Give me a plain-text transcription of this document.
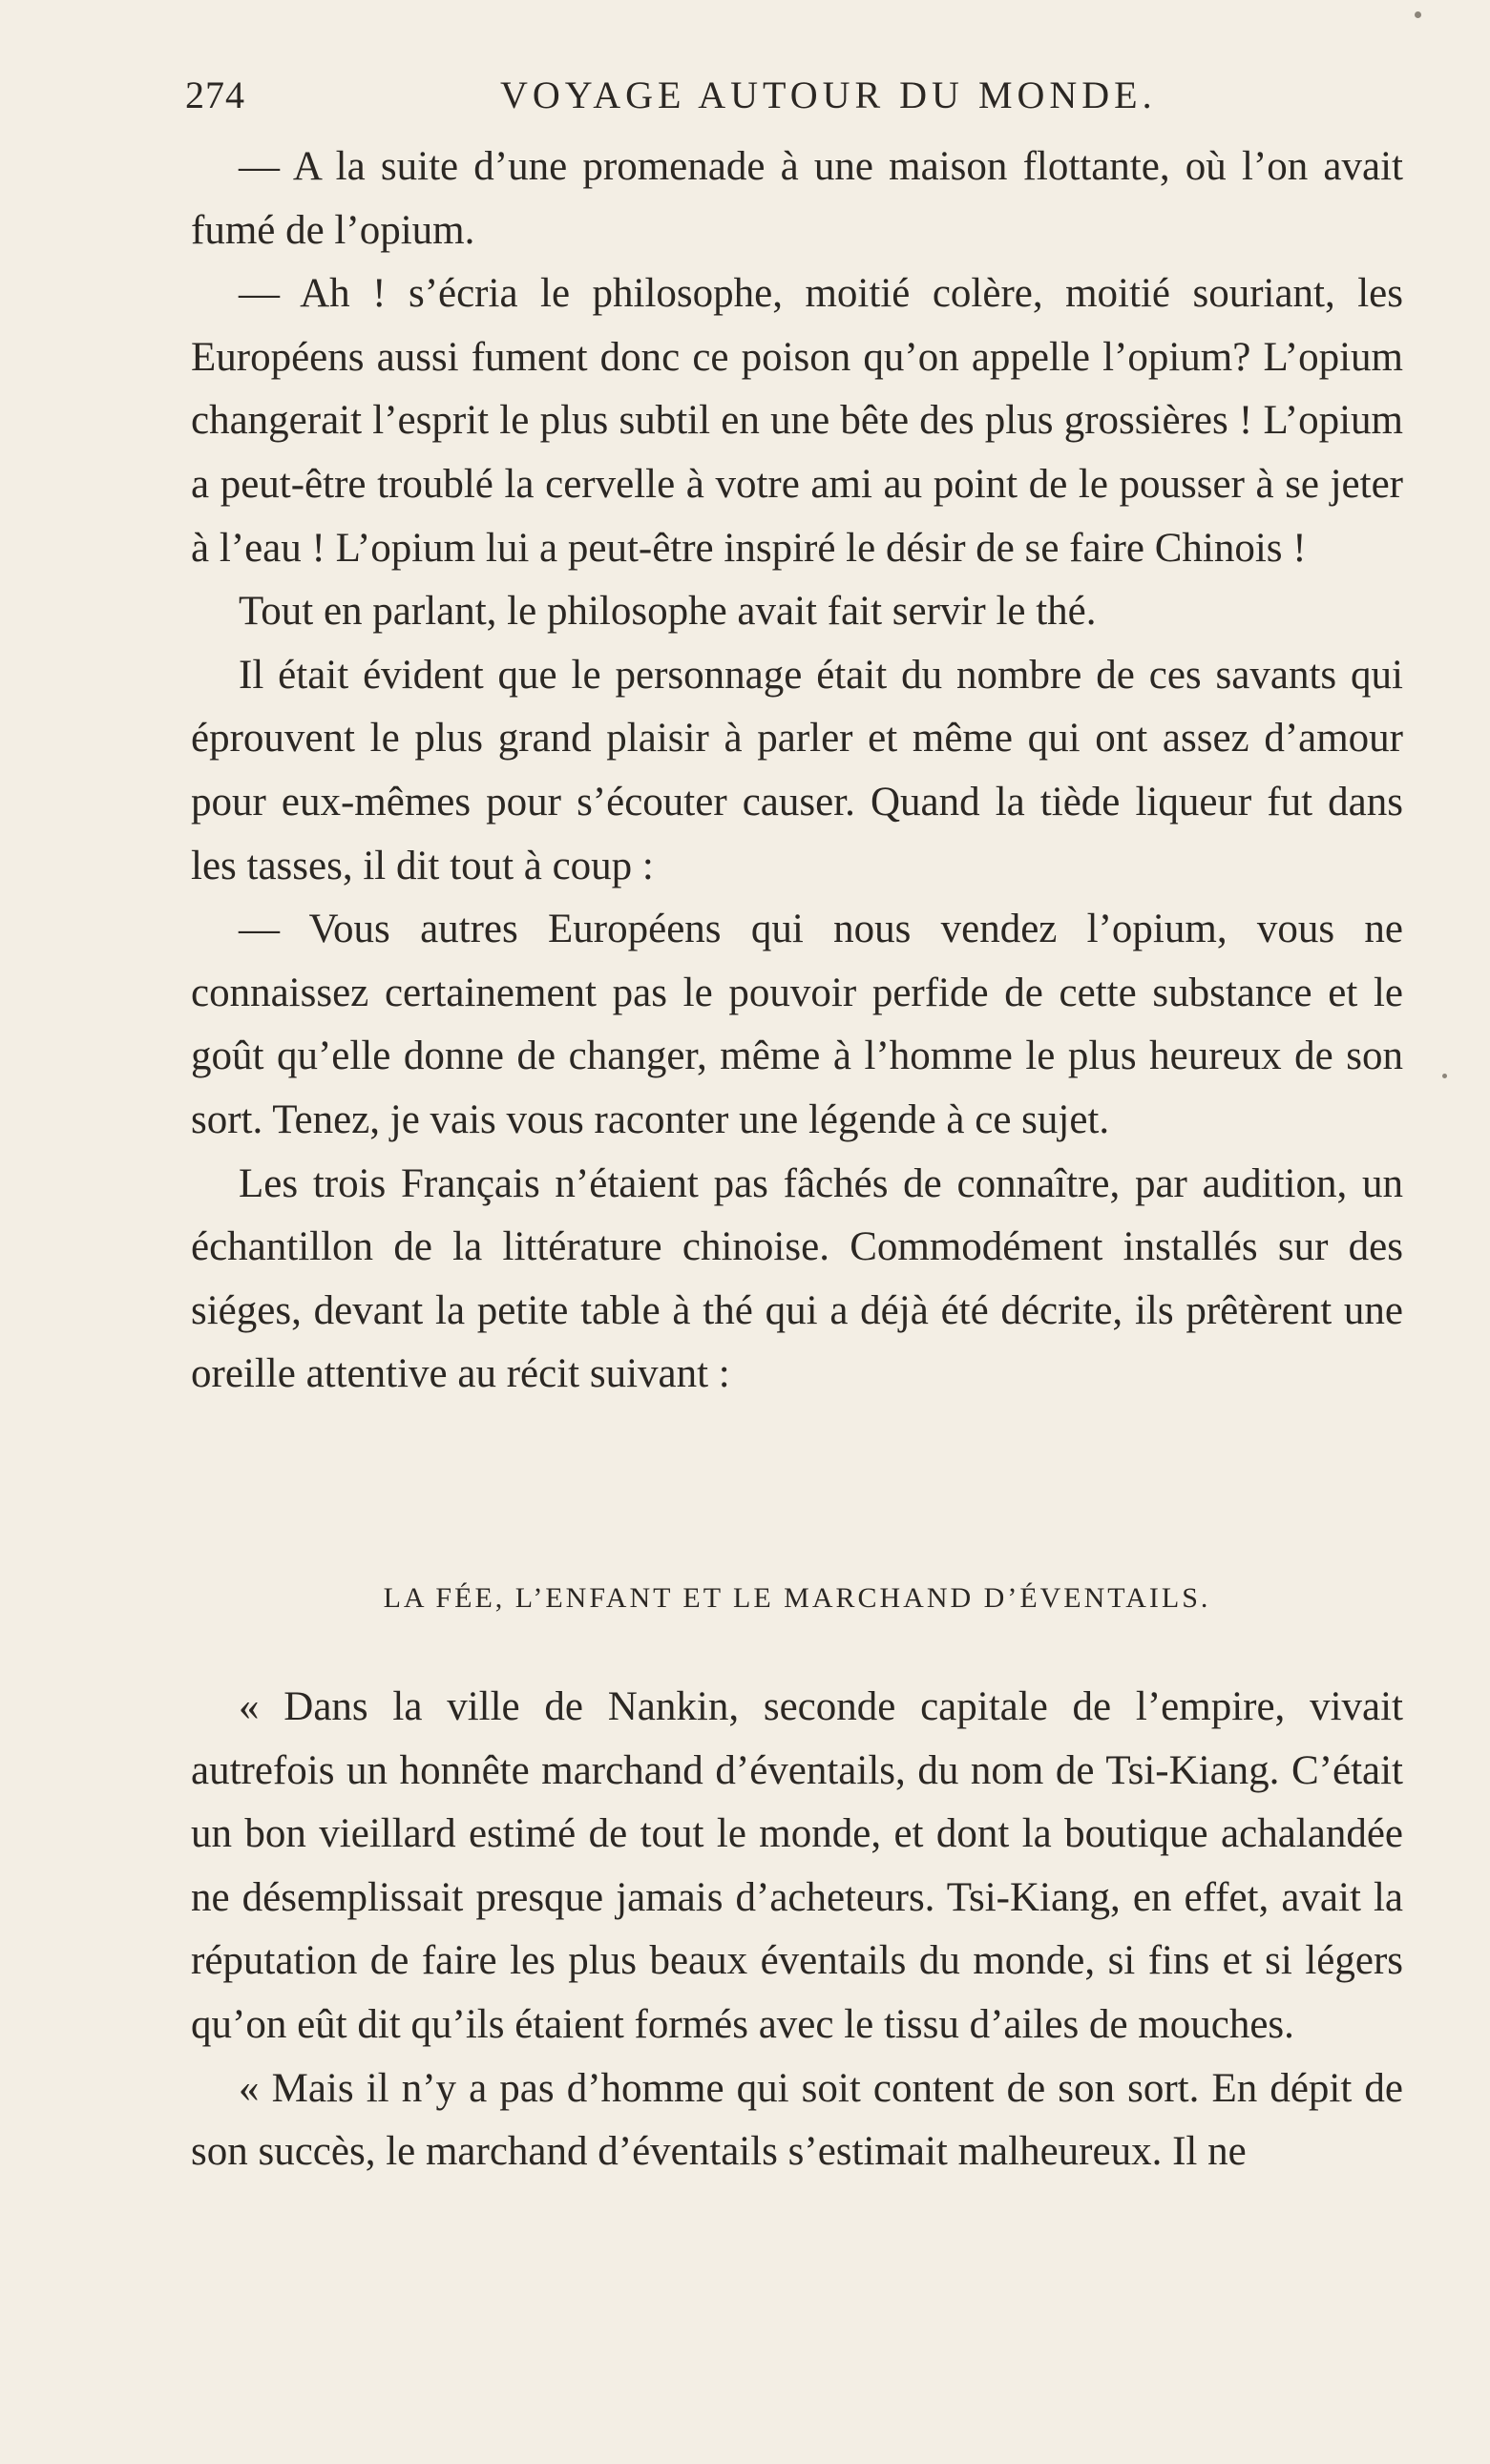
274	VOYAGE AUTOUR DU MONDE.

— A la suite d’une promenade à une maison flottante, où l’on avait fumé de l’opium.

— Ah ! s’écria le philosophe, moitié colère, moitié souriant, les Européens aussi fument donc ce poison qu’on appelle l’opium? L’opium changerait l’esprit le plus subtil en une bête des plus grossières ! L’opium a peut-être troublé la cervelle à votre ami au point de le pousser à se jeter à l’eau ! L’opium lui a peut-être inspiré le désir de se faire Chinois !

Tout en parlant, le philosophe avait fait servir le thé.

Il était évident que le personnage était du nombre de ces savants qui éprouvent le plus grand plaisir à parler et même qui ont assez d’amour pour eux-mêmes pour s’écouter causer. Quand la tiède liqueur fut dans les tasses, il dit tout à coup :

— Vous autres Européens qui nous vendez l’opium, vous ne connaissez certainement pas le pouvoir perfide de cette substance et le goût qu’elle donne de changer, même à l’homme le plus heureux de son sort. Tenez, je vais vous raconter une légende à ce sujet.

Les trois Français n’étaient pas fâchés de connaître, par audition, un échantillon de la littérature chinoise. Commodément installés sur des siéges, devant la petite table à thé qui a déjà été décrite, ils prêtèrent une oreille attentive au récit suivant :

LA FÉE, L’ENFANT ET LE MARCHAND D’ÉVENTAILS.

« Dans la ville de Nankin, seconde capitale de l’empire, vivait autrefois un honnête marchand d’éventails, du nom de Tsi-Kiang. C’était un bon vieillard estimé de tout le monde, et dont la boutique achalandée ne désemplissait presque jamais d’acheteurs. Tsi-Kiang, en effet, avait la réputation de faire les plus beaux éventails du monde, si fins et si légers qu’on eût dit qu’ils étaient formés avec le tissu d’ailes de mouches.

« Mais il n’y a pas d’homme qui soit content de son sort. En dépit de son succès, le marchand d’éventails s’estimait malheureux. Il ne
